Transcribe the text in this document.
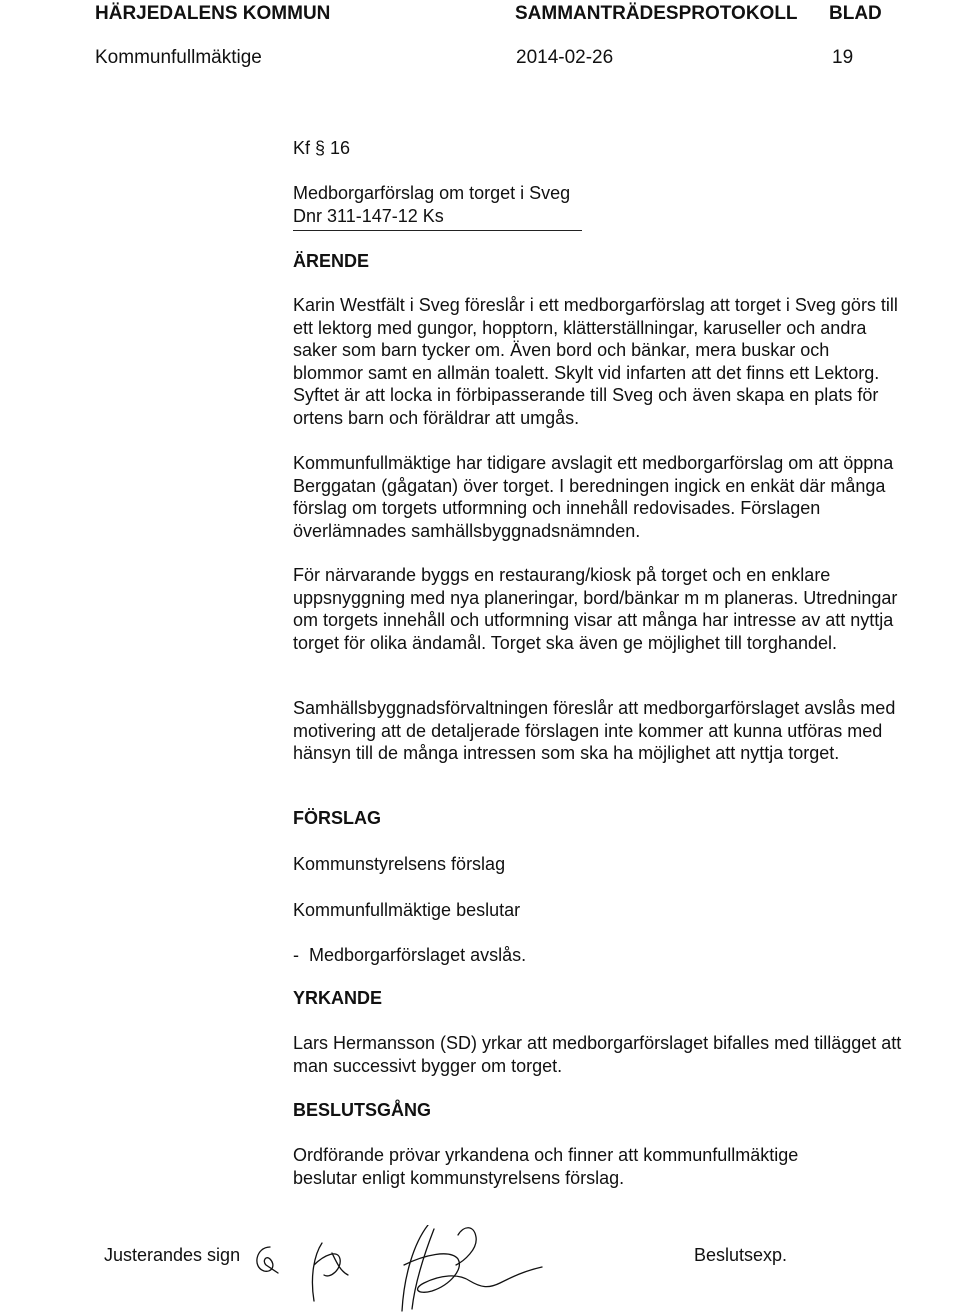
HÄRJEDALENS KOMMUN	SAMMANTRÄDESPROTOKOLL BLAD
Kommunfullmäktige	2014-02-26	19
Kf § 16
Medborgarförslag om torget i Sveg
Dnr 311-147-12 Ks
ÄRENDE

Karin Westfält i Sveg föreslår i ett medborgarförslag att torget i Sveg görs till ett lektorg med gungor, hopptorn, klätterställningar, karuseller och andra saker som barn tycker om. Även bord och bänkar, mera buskar och blommor samt en allmän toalett. Skylt vid infarten att det finns ett Lektorg. Syftet är att locka in förbipasserande till Sveg och även skapa en plats för ortens barn och föräldrar att umgås.

Kommunfullmäktige har tidigare avslagit ett medborgarförslag om att öppna Berggatan (gågatan) över torget. I beredningen ingick en enkät där många förslag om torgets utformning och innehåll redovisades. Förslagen överlämnades samhällsbyggnadsnämnden.

För närvarande byggs en restaurang/kiosk på torget och en enklare uppsnyggning med nya planeringar, bord/bänkar m m planeras. Utredningar om torgets innehåll och utformning visar att många har intresse av att nyttja torget för olika ändamål. Torget ska även ge möjlighet till torghandel.

Samhällsbyggnadsförvaltningen föreslår att medborgarförslaget avslås med motivering att de detaljerade förslagen inte kommer att kunna utföras med hänsyn till de många intressen som ska ha möjlighet att nyttja torget.

FÖRSLAG
Kommunstyrelsens förslag
Kommunfullmäktige beslutar
-  Medborgarförslaget avslås.
YRKANDE

Lars Hermansson (SD) yrkar att medborgarförslaget bifalles med tillägget att man successivt bygger om torget.

BESLUTSGÅNG

Ordförande prövar yrkandena och finner att kommunfullmäktige beslutar enligt kommunstyrelsens förslag.

Justerandes sign	Beslutsexp.
